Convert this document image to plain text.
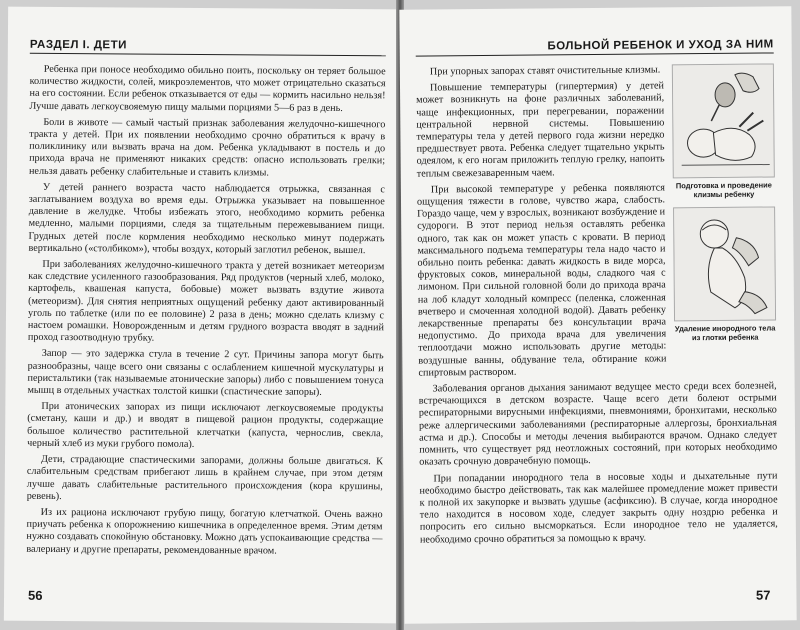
РАЗДЕЛ I. ДЕТИ

Ребенка при поносе необходимо обильно поить, поскольку он теряет большое количество жидкости, солей, микроэлементов, что может отрицательно сказаться на его состоянии. Если ребенок отказывается от еды — кормить насильно нельзя! Лучше давать легкоусвояемую пищу малыми порциями 5—6 раз в день.

Боли в животе — самый частый признак заболевания желудочно-кишечного тракта у детей. При их появлении необходимо срочно обратиться к врачу в поликлинику или вызвать врача на дом. Ребенка укладывают в постель и до прихода врача не применяют никаких средств: опасно использовать грелки; нельзя давать ребенку слабительные и ставить клизмы.

У детей раннего возраста часто наблюдается отрыжка, связанная с заглатыванием воздуха во время еды. Отрыжка указывает на повышенное давление в желудке. Чтобы избежать этого, необходимо кормить ребенка медленно, малыми порциями, следя за тщательным пережевыванием пищи. Грудных детей после кормления необходимо несколько минут подержать вертикально («столбиком»), чтобы воздух, который заглотил ребенок, вышел.

При заболеваниях желудочно-кишечного тракта у детей возникает метеоризм как следствие усиленного газообразования. Ряд продуктов (черный хлеб, молоко, картофель, квашеная капуста, бобовые) может вызвать вздутие живота (метеоризм). Для снятия неприятных ощущений ребенку дают активированный уголь по таблетке (или по ее половине) 2 раза в день; можно сделать клизму с настоем ромашки. Новорожденным и детям грудного возраста вводят в задний проход газоотводную трубку.

Запор — это задержка стула в течение 2 сут. Причины запора могут быть разнообразны, чаще всего они связаны с ослаблением кишечной мускулатуры и перистальтики (так называемые атонические запоры) либо с повышением тонуса мышц в отдельных участках толстой кишки (спастические запоры).

При атонических запорах из пищи исключают легкоусвояемые продукты (сметану, каши и др.) и вводят в пищевой рацион продукты, содержащие большое количество растительной клетчатки (капуста, чернослив, свекла, черный хлеб из муки грубого помола).

Дети, страдающие спастическими запорами, должны больше двигаться. К слабительным средствам прибегают лишь в крайнем случае, при этом детям лучше давать слабительные растительного происхождения (кора крушины, ревень).

Из их рациона исключают грубую пищу, богатую клетчаткой. Очень важно приучать ребенка к опорожнению кишечника в определенное время. Этим детям нужно создавать спокойную обстановку. Можно дать успокаивающие средства — валериану и другие препараты, рекомендованные врачом.

56
БОЛЬНОЙ РЕБЕНОК И УХОД ЗА НИМ
Подготовка и проведение клизмы ребенку
Удаление инородного тела из глотки ребенка

При упорных запорах ставят очистительные клизмы.

Повышение температуры (гипертермия) у детей может возникнуть на фоне различных заболеваний, чаще инфекционных, при перегревании, поражении центральной нервной системы. Повышению температуры тела у детей первого года жизни нередко предшествует рвота. Ребенка следует тщательно укрыть одеялом, к его ногам приложить теплую грелку, напоить теплым свежезаваренным чаем.

При высокой температуре у ребенка появляются ощущения тяжести в голове, чувство жара, слабость. Гораздо чаще, чем у взрослых, возникают возбуждение и судороги. В этот период нельзя оставлять ребенка одного, так как он может упасть с кровати. В период максимального подъема температуры тела надо часто и обильно поить ребенка: давать жидкость в виде морса, фруктовых соков, минеральной воды, сладкого чая с лимоном. При сильной головной боли до прихода врача на лоб кладут холодный компресс (пеленка, сложенная вчетверо и смоченная холодной водой). Давать ребенку лекарственные препараты без консультации врача недопустимо. До прихода врача для увеличения теплоотдачи можно использовать другие методы: воздушные ванны, обдувание тела, обтирание кожи спиртовым раствором.

Заболевания органов дыхания занимают ведущее место среди всех болезней, встречающихся в детском возрасте. Чаще всего дети болеют острыми респираторными вирусными инфекциями, пневмониями, бронхитами, несколько реже аллергическими заболеваниями (респираторные аллергозы, бронхиальная астма и др.). Способы и методы лечения выбираются врачом. Однако следует помнить, что существует ряд неотложных состояний, при которых необходимо оказать срочную доврачебную помощь.

При попадании инородного тела в носовые ходы и дыхательные пути необходимо быстро действовать, так как малейшее промедление может привести к полной их закупорке и вызвать удушье (асфиксию). В случае, когда инородное тело находится в носовом ходе, следует закрыть одну ноздрю ребенка и попросить его сильно высморкаться. Если инородное тело не удаляется, необходимо срочно обратиться за помощью к врачу.

57
